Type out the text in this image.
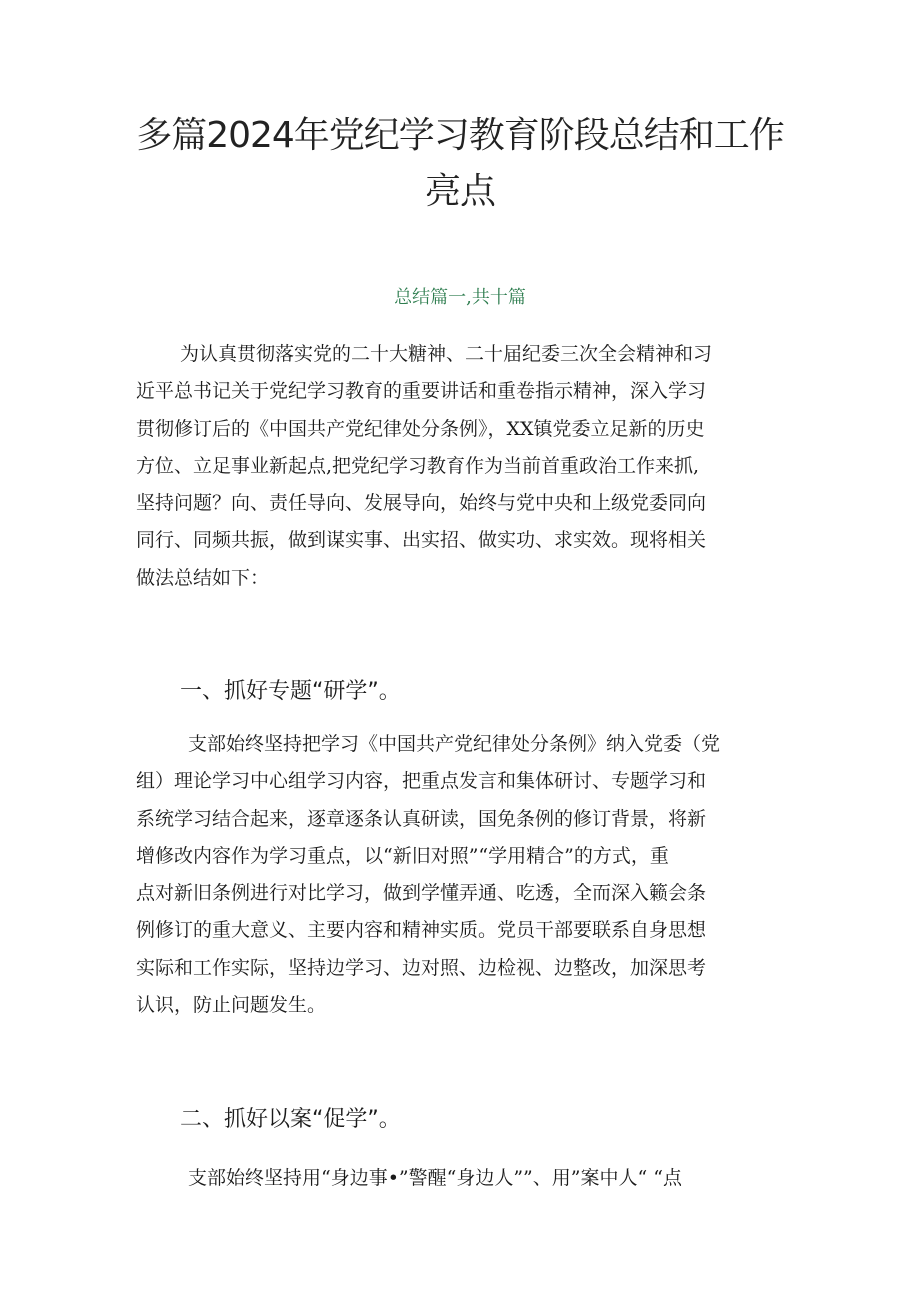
多篇2024年党纪学习教育阶段总结和工作
亮点
总结篇一,共十篇
为认真贯彻落实党的二十大糖神、二十届纪委三次全会精神和习
近平总书记关于党纪学习教育的重要讲话和重卷指示精神，深入学习
贯彻修订后的《中国共产党纪律处分条例》，XX镇党委立足新的历史
方位、立足事业新起点,把党纪学习教育作为当前首重政治工作来抓,
坚持问题？向、责任导向、发展导向，始终与党中央和上级党委同向
同行、同频共振，做到谋实事、出实招、做实功、求实效。现将相关
做法总结如下：
一、抓好专题“研学”。
支部始终坚持把学习《中国共产党纪律处分条例》纳入党委（党
组）理论学习中心组学习内容，把重点发言和集体研讨、专题学习和
系统学习结合起来，逐章逐条认真研读，国免条例的修订背景，将新
增修改内容作为学习重点，以“新旧对照”“学用精合”的方式，重
点对新旧条例进行对比学习，做到学懂弄通、吃透，全而深入籁会条
例修订的重大意义、主要内容和精神实质。党员干部要联系自身思想
实际和工作实际，坚持边学习、边对照、边检视、边整改，加深思考
认识，防止问题发生。
二、抓好以案“促学”。
支部始终坚持用“身边事•”警醒“身边人””、用”案中人“ “点
